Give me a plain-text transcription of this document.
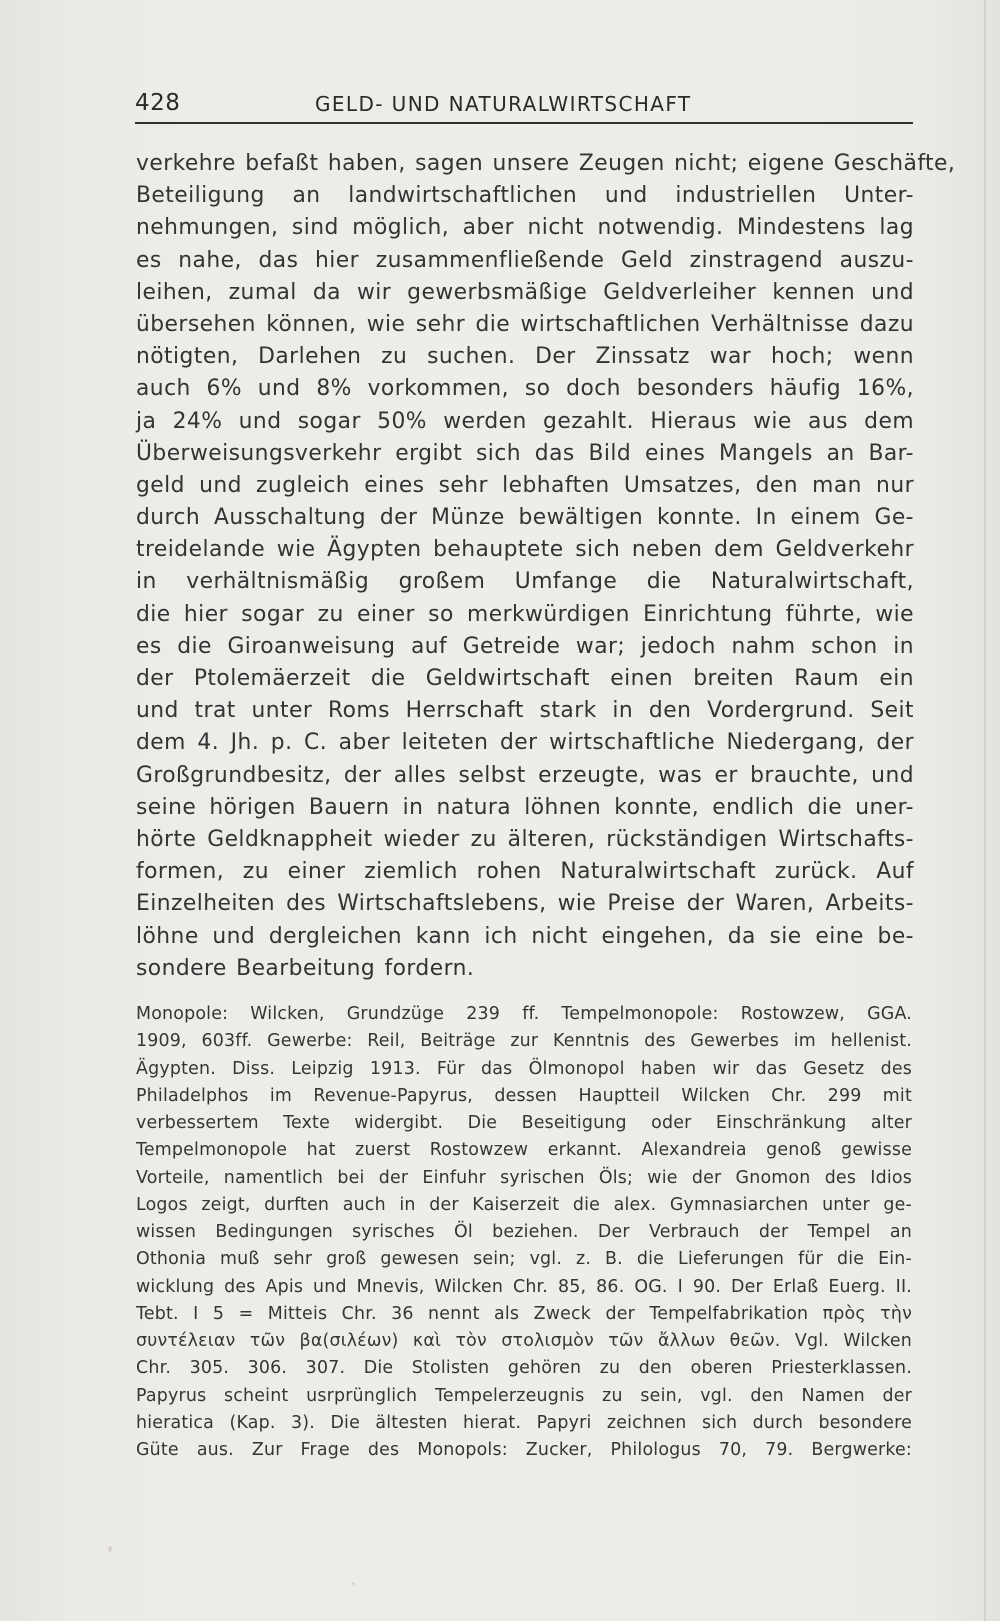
428	GELD- UND NATURALWIRTSCHAFT
verkehre befaßt haben, sagen unsere Zeugen nicht; eigene Geschäfte,
Beteiligung an landwirtschaftlichen und industriellen Unter-
nehmungen, sind möglich, aber nicht notwendig. Mindestens lag
es nahe, das hier zusammenfließende Geld zinstragend auszu-
leihen, zumal da wir gewerbsmäßige Geldverleiher kennen und
übersehen können, wie sehr die wirtschaftlichen Verhältnisse dazu
nötigten, Darlehen zu suchen. Der Zinssatz war hoch; wenn
auch 6% und 8% vorkommen, so doch besonders häufig 16%,
ja 24% und sogar 50% werden gezahlt. Hieraus wie aus dem
Überweisungsverkehr ergibt sich das Bild eines Mangels an Bar-
geld und zugleich eines sehr lebhaften Umsatzes, den man nur
durch Ausschaltung der Münze bewältigen konnte. In einem Ge-
treidelande wie Ägypten behauptete sich neben dem Geldverkehr
in verhältnismäßig großem Umfange die Naturalwirtschaft,
die hier sogar zu einer so merkwürdigen Einrichtung führte, wie
es die Giroanweisung auf Getreide war; jedoch nahm schon in
der Ptolemäerzeit die Geldwirtschaft einen breiten Raum ein
und trat unter Roms Herrschaft stark in den Vordergrund. Seit
dem 4. Jh. p. C. aber leiteten der wirtschaftliche Niedergang, der
Großgrundbesitz, der alles selbst erzeugte, was er brauchte, und
seine hörigen Bauern in natura löhnen konnte, endlich die uner-
hörte Geldknappheit wieder zu älteren, rückständigen Wirtschafts-
formen, zu einer ziemlich rohen Naturalwirtschaft zurück. Auf
Einzelheiten des Wirtschaftslebens, wie Preise der Waren, Arbeits-
löhne und dergleichen kann ich nicht eingehen, da sie eine be-
sondere Bearbeitung fordern.
Monopole: Wilcken, Grundzüge 239 ff. Tempelmonopole: Rostowzew, GGA.
1909, 603ff. Gewerbe: Reil, Beiträge zur Kenntnis des Gewerbes im hellenist.
Ägypten. Diss. Leipzig 1913. Für das Ölmonopol haben wir das Gesetz des
Philadelphos im Revenue-Papyrus, dessen Hauptteil Wilcken Chr. 299 mit
verbessertem Texte widergibt. Die Beseitigung oder Einschränkung alter
Tempelmonopole hat zuerst Rostowzew erkannt. Alexandreia genoß gewisse
Vorteile, namentlich bei der Einfuhr syrischen Öls; wie der Gnomon des Idios
Logos zeigt, durften auch in der Kaiserzeit die alex. Gymnasiarchen unter ge-
wissen Bedingungen syrisches Öl beziehen. Der Verbrauch der Tempel an
Othonia muß sehr groß gewesen sein; vgl. z. B. die Lieferungen für die Ein-
wicklung des Apis und Mnevis, Wilcken Chr. 85, 86. OG. I 90. Der Erlaß Euerg. II.
Tebt. I 5 = Mitteis Chr. 36 nennt als Zweck der Tempelfabrikation πρὸς τὴν
συντέλειαν τῶν βα(σιλέων) καὶ τὸν στολισμὸν τῶν ἄλλων θεῶν. Vgl. Wilcken
Chr. 305. 306. 307. Die Stolisten gehören zu den oberen Priesterklassen.
Papyrus scheint usrprünglich Tempelerzeugnis zu sein, vgl. den Namen der
hieratica (Kap. 3). Die ältesten hierat. Papyri zeichnen sich durch besondere
Güte aus. Zur Frage des Monopols: Zucker, Philologus 70, 79. Bergwerke:
